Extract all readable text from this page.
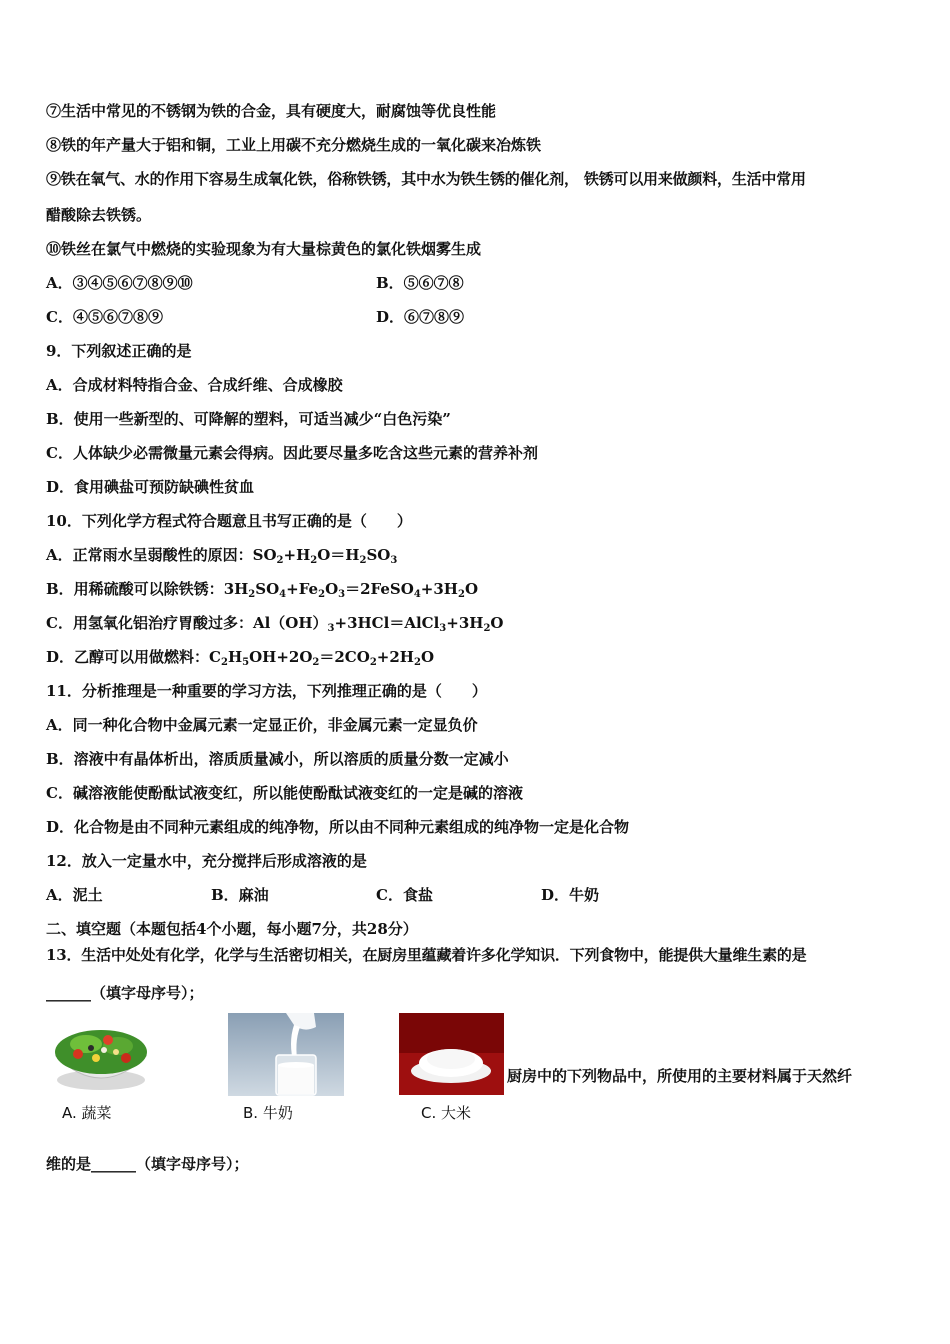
⑦生活中常见的不锈钢为铁的合金，具有硬度大，耐腐蚀等优良性能
⑧铁的年产量大于铝和铜，工业上用碳不充分燃烧生成的一氧化碳来冶炼铁
⑨铁在氧气、水的作用下容易生成氧化铁，俗称铁锈，其中水为铁生锈的催化剂， 铁锈可以用来做颜料，生活中常用
醋酸除去铁锈。
⑩铁丝在氯气中燃烧的实验现象为有大量棕黄色的氯化铁烟雾生成
A．③④⑤⑥⑦⑧⑨⑩	B．⑤⑥⑦⑧
C．④⑤⑥⑦⑧⑨	D．⑥⑦⑧⑨
9．下列叙述正确的是
A．合成材料特指合金、合成纤维、合成橡胶
B．使用一些新型的、可降解的塑料，可适当减少“白色污染”
C．人体缺少必需微量元素会得病。因此要尽量多吃含这些元素的营养补剂
D．食用碘盐可预防缺碘性贫血
10．下列化学方程式符合题意且书写正确的是（　　）
A．正常雨水呈弱酸性的原因：$SO_2+H_2O=H_2SO_3$
B．用稀硫酸可以除铁锈：$3H_2SO_4+Fe_2O_3=2FeSO_4+3H_2O$
C．用氢氧化铝治疗胃酸过多：$Al(OH)_3+3HCl=AlCl_3+3H_2O$
D．乙醇可以用做燃料：$C_2H_5OH+2O_2=2CO_2+2H_2O$
11．分析推理是一种重要的学习方法，下列推理正确的是（　　）
A．同一种化合物中金属元素一定显正价，非金属元素一定显负价
B．溶液中有晶体析出，溶质质量减小，所以溶质的质量分数一定减小
C．碱溶液能使酚酞试液变红，所以能使酚酞试液变红的一定是碱的溶液
D．化合物是由不同种元素组成的纯净物，所以由不同种元素组成的纯净物一定是化合物
12．放入一定量水中，充分搅拌后形成溶液的是
A．泥土	B．麻油	C．食盐	D．牛奶
二、填空题（本题包括4个小题，每小题7分，共28分）
13．生活中处处有化学，化学与生活密切相关，在厨房里蕴藏着许多化学知识．下列食物中，能提供大量维生素的是
______（填字母序号）；
A. 蔬菜	B. 牛奶	C. 大米
厨房中的下列物品中，所使用的主要材料属于天然纤
维的是______（填字母序号）；
